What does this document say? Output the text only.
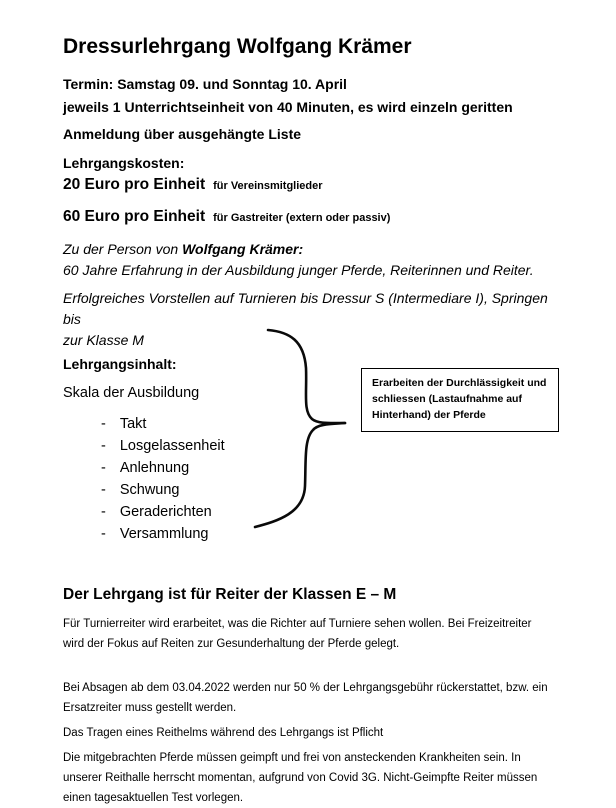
Dressurlehrgang Wolfgang Krämer
Termin: Samstag 09. und Sonntag 10. April
jeweils 1 Unterrichtseinheit von 40 Minuten, es wird einzeln geritten
Anmeldung über ausgehängte Liste
Lehrgangskosten:
20 Euro pro Einheit für Vereinsmitglieder
60 Euro pro Einheit für Gastreiter (extern oder passiv)
Zu der Person von Wolfgang Krämer:
60 Jahre Erfahrung in der Ausbildung junger Pferde, Reiterinnen und Reiter.
Erfolgreiches Vorstellen auf Turnieren bis Dressur S (Intermediare I), Springen bis
zur Klasse M
Lehrgangsinhalt:
Skala der Ausbildung
- Takt
- Losgelassenheit
- Anlehnung
- Schwung
- Geraderichten
- Versammlung
Erarbeiten der Durchlässigkeit und
schliessen (Lastaufnahme auf
Hinterhand) der Pferde
Der Lehrgang ist für Reiter der Klassen E – M
Für Turnierreiter wird erarbeitet, was die Richter auf Turniere sehen wollen. Bei Freizeitreiter
wird der Fokus auf Reiten zur Gesunderhaltung der Pferde gelegt.
Bei Absagen ab dem 03.04.2022 werden nur 50 % der Lehrgangsgebühr rückerstattet, bzw. ein
Ersatzreiter muss gestellt werden.
Das Tragen eines Reithelms während des Lehrgangs ist Pflicht
Die mitgebrachten Pferde müssen geimpft und frei von ansteckenden Krankheiten sein. In
unserer Reithalle herrscht momentan, aufgrund von Covid 3G. Nicht-Geimpfte Reiter müssen
einen tagesaktuellen Test vorlegen.
